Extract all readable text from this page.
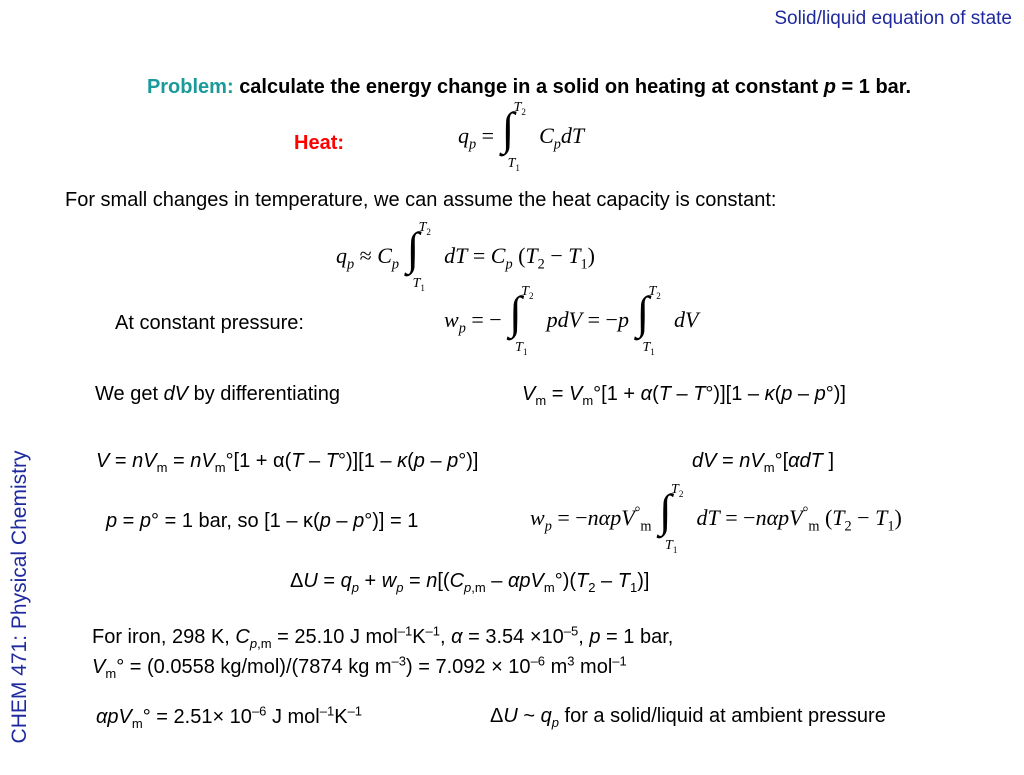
Solid/liquid equation of state
CHEM 471: Physical Chemistry
Problem: calculate the energy change in a solid on heating at constant p = 1 bar.
Heat:	$q_p$ = ∫ $T_2$
$T_1$
$C_pdT$
For small changes in temperature, we can assume the heat capacity is constant:
$q_p \approx C_p$ ∫ $T_2$
$T_1$
dT = $C_p$ $(T_2 - T_1)$
At constant pressure:	$w_p$ = − ∫ $T_2$
$T_1$
pdV = −p ∫ $T_2$
$T_1$
dV
We get dV by differentiating	$V_m = V_m^\circ[1 + \alpha(T - T^\circ)][1 - \kappa(p - p^\circ)]$
$V = nV_m = nV_m^\circ[1 + \alpha(T - T^\circ)][1 - \kappa(p - p^\circ)]$	dV = $nV_m^\circ[\alpha dT$ ]
p = p° = 1 bar, so [1 – κ(p – p°)] = 1	$w_p = -n\alpha pV^\circ_m$ ∫ $T_2$
$T_1$
dT = −nαpV°$_m$ $(T_2 - T_1)$
$\Delta U = q_p + w_p = n[(C_{p,m} - \alpha pV_m^\circ)(T_2 - T_1)]$
For iron, 298 K, $C_{p,m} = 25.10$ J $mol^{-1}K^{-1}$, $\alpha = 3.54 \times 10^{-5}$, p = 1 bar,
$V_m^\circ = (0.0558$ kg/mol)/(7874 kg $m^{-3}) = 7.092 \times 10^{-6}$ $m^3$ mol$^{-1}$
$\alpha pV_m^\circ = 2.51\times 10^{-6}$ J $mol^{-1}K^{-1}$	ΔU ~ $q_p$ for a solid/liquid at ambient pressure
